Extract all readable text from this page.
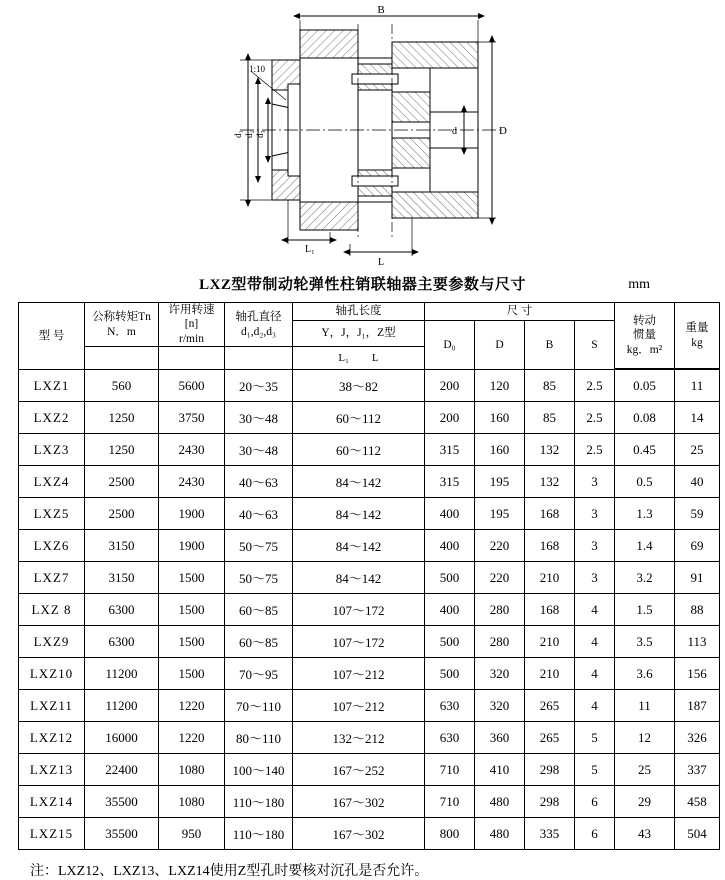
B
1:10
D
d
d₁ d₂ d₃
L₁
L
LXZ型带制动轮弹性柱销联轴器主要参数与尺寸	mm
型 号	
公称转矩Tn
N．m

许用转速
[n]
r/min

轴孔直径
d₁,d₂,d₃
	轴孔长度	尺 寸	
转动
惯量
kg．m²

重量
kg

				Y，J，J₁，Z型	D₀	D	B	S		
				L₁ L						

LXZ1	560	5600	20～35	38～82	200	120	85	2.5	0.05	11
LXZ2	1250	3750	30～48	60～112	200	160	85	2.5	0.08	14
LXZ3	1250	2430	30～48	60～112	315	160	132	2.5	0.45	25
LXZ4	2500	2430	40～63	84～142	315	195	132	3	0.5	40
LXZ5	2500	1900	40～63	84～142	400	195	168	3	1.3	59
LXZ6	3150	1900	50～75	84～142	400	220	168	3	1.4	69
LXZ7	3150	1500	50～75	84～142	500	220	210	3	3.2	91
LXZ 8	6300	1500	60～85	107～172	400	280	168	4	1.5	88
LXZ9	6300	1500	60～85	107～172	500	280	210	4	3.5	113
LXZ10	11200	1500	70～95	107～212	500	320	210	4	3.6	156
LXZ11	11200	1220	70～110	107～212	630	320	265	4	11	187
LXZ12	16000	1220	80～110	132～212	630	360	265	5	12	326
LXZ13	22400	1080	100～140	167～252	710	410	298	5	25	337
LXZ14	35500	1080	110～180	167～302	710	480	298	6	29	458
LXZ15	35500	950	110～180	167～302	800	480	335	6	43	504
注：LXZ12、LXZ13、LXZ14使用Z型孔时要核对沉孔是否允许。
